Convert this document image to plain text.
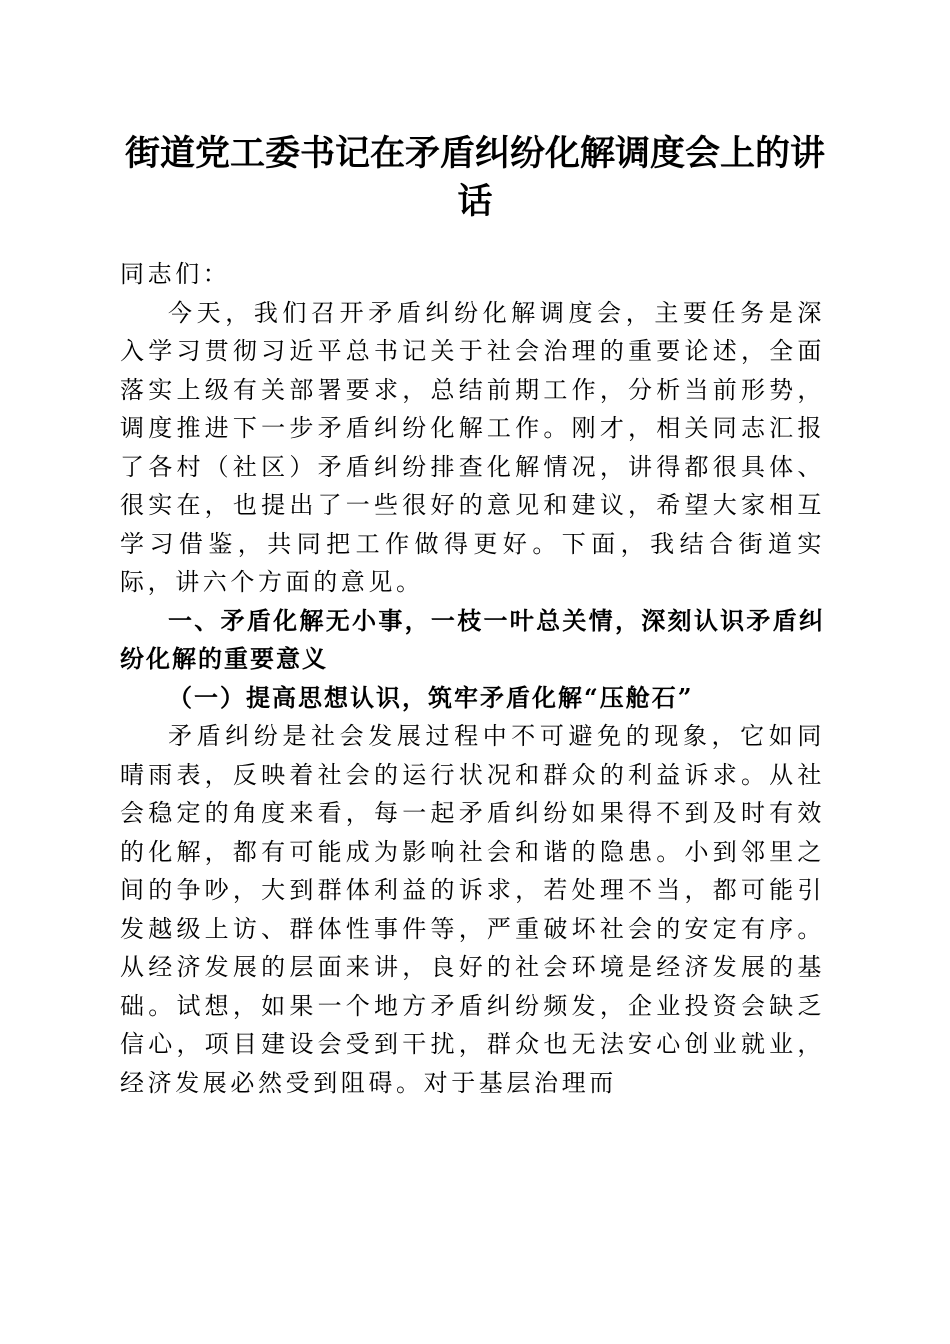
街道党工委书记在矛盾纠纷化解调度会上的讲话

同志们：

今天，我们召开矛盾纠纷化解调度会，主要任务是深入学习贯彻习近平总书记关于社会治理的重要论述，全面落实上级有关部署要求，总结前期工作，分析当前形势，调度推进下一步矛盾纠纷化解工作。刚才，相关同志汇报了各村（社区）矛盾纠纷排查化解情况，讲得都很具体、很实在，也提出了一些很好的意见和建议，希望大家相互学习借鉴，共同把工作做得更好。下面，我结合街道实际，讲六个方面的意见。

一、矛盾化解无小事，一枝一叶总关情，深刻认识矛盾纠纷化解的重要意义

（一）提高思想认识，筑牢矛盾化解“压舱石”

矛盾纠纷是社会发展过程中不可避免的现象，它如同晴雨表，反映着社会的运行状况和群众的利益诉求。从社会稳定的角度来看，每一起矛盾纠纷如果得不到及时有效的化解，都有可能成为影响社会和谐的隐患。小到邻里之间的争吵，大到群体利益的诉求，若处理不当，都可能引发越级上访、群体性事件等，严重破坏社会的安定有序。从经济发展的层面来讲，良好的社会环境是经济发展的基础。试想，如果一个地方矛盾纠纷频发，企业投资会缺乏信心，项目建设会受到干扰，群众也无法安心创业就业，经济发展必然受到阻碍。对于基层治理而
